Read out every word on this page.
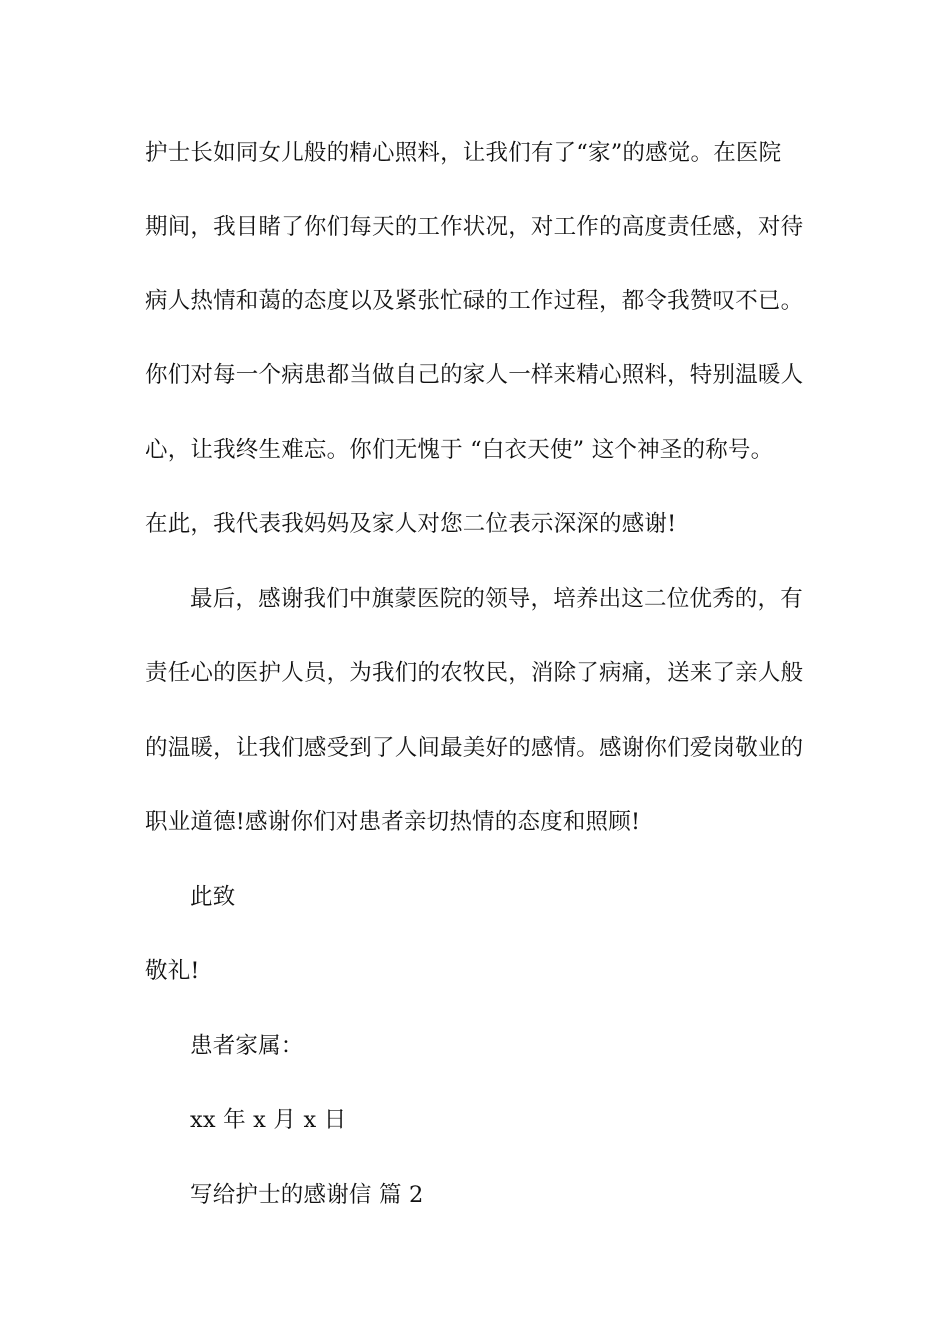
护士长如同女儿般的精心照料，让我们有了“家”的感觉。在医院
期间，我目睹了你们每天的工作状况，对工作的高度责任感，对待
病人热情和蔼的态度以及紧张忙碌的工作过程，都令我赞叹不已。
你们对每一个病患都当做自己的家人一样来精心照料，特别温暖人
心，让我终生难忘。你们无愧于 “白衣天使” 这个神圣的称号。
在此，我代表我妈妈及家人对您二位表示深深的感谢!
最后，感谢我们中旗蒙医院的领导，培养出这二位优秀的，有
责任心的医护人员，为我们的农牧民，消除了病痛，送来了亲人般
的温暖，让我们感受到了人间最美好的感情。感谢你们爱岗敬业的
职业道德!感谢你们对患者亲切热情的态度和照顾!
此致
敬礼!
患者家属：
xx 年 x 月 x 日
写给护士的感谢信 篇 2
